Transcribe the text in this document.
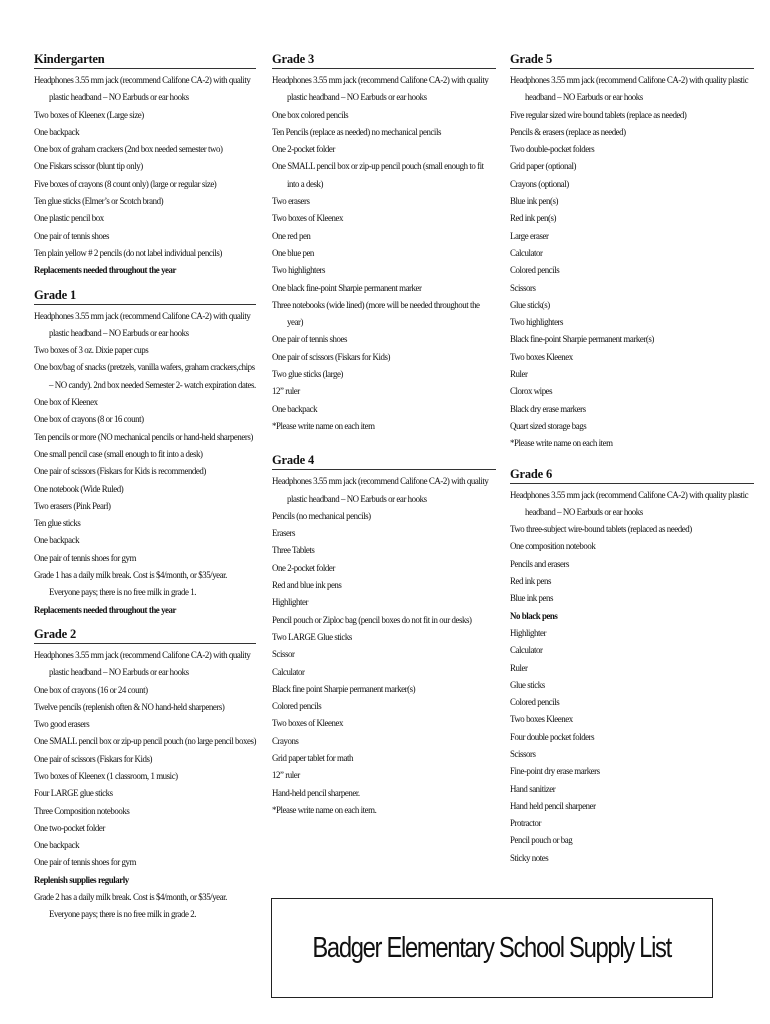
Kindergarten
Headphones 3.55 mm jack (recommend Califone CA-2) with quality plastic headband – NO Earbuds or ear hooks
Two boxes of Kleenex (Large size)
One backpack
One box of graham crackers (2nd box needed semester two)
One Fiskars scissor (blunt tip only)
Five boxes of crayons (8 count only) (large or regular size)
Ten glue sticks (Elmer’s or Scotch brand)
One plastic pencil box
One pair of tennis shoes
Ten plain yellow # 2 pencils (do not label individual pencils)
Replacements needed throughout the year
Grade 1
Headphones 3.55 mm jack (recommend Califone CA-2) with quality plastic headband – NO Earbuds or ear hooks
Two boxes of 3 oz. Dixie paper cups
One box/bag of snacks (pretzels, vanilla wafers, graham crackers,chips – NO candy). 2nd box needed Semester 2- watch expiration dates.
One box of Kleenex
One box of crayons (8 or 16 count)
Ten pencils or more (NO mechanical pencils or hand-held sharpeners)
One small pencil case (small enough to fit into a desk)
One pair of scissors (Fiskars for Kids is recommended)
One notebook (Wide Ruled)
Two erasers (Pink Pearl)
Ten glue sticks
One backpack
One pair of tennis shoes for gym
Grade 1 has a daily milk break. Cost is $4/month, or $35/year. Everyone pays; there is no free milk in grade 1.
Replacements needed throughout the year
Grade 2
Headphones 3.55 mm jack (recommend Califone CA-2) with quality plastic headband – NO Earbuds or ear hooks
One box of crayons (16 or 24 count)
Twelve pencils (replenish often & NO hand-held sharpeners)
Two good erasers
One SMALL pencil box or zip-up pencil pouch (no large pencil boxes)
One pair of scissors (Fiskars for Kids)
Two boxes of Kleenex (1 classroom, 1 music)
Four LARGE glue sticks
Three Composition notebooks
One two-pocket folder
One backpack
One pair of tennis shoes for gym
Replenish supplies regularly
Grade 2 has a daily milk break. Cost is $4/month, or $35/year. Everyone pays; there is no free milk in grade 2.
Grade 3
Headphones 3.55 mm jack (recommend Califone CA-2) with quality plastic headband – NO Earbuds or ear hooks
One box colored pencils
Ten Pencils (replace as needed) no mechanical pencils
One 2-pocket folder
One SMALL pencil box or zip-up pencil pouch (small enough to fit into a desk)
Two erasers
Two boxes of Kleenex
One red pen
One blue pen
Two highlighters
One black fine-point Sharpie permanent marker
Three notebooks (wide lined) (more will be needed throughout the year)
One pair of tennis shoes
One pair of scissors (Fiskars for Kids)
Two glue sticks (large)
12” ruler
One backpack
*Please write name on each item
Grade 4
Headphones 3.55 mm jack (recommend Califone CA-2) with quality plastic headband – NO Earbuds or ear hooks
Pencils (no mechanical pencils)
Erasers
Three Tablets
One 2-pocket folder
Red and blue ink pens
Highlighter
Pencil pouch or Ziploc bag (pencil boxes do not fit in our desks)
Two LARGE Glue sticks
Scissor
Calculator
Black fine point Sharpie permanent marker(s)
Colored pencils
Two boxes of Kleenex
Crayons
Grid paper tablet for math
12” ruler
Hand-held pencil sharpener.
*Please write name on each item.
Grade 5
Headphones 3.55 mm jack (recommend Califone CA-2) with quality plastic headband – NO Earbuds or ear hooks
Five regular sized wire bound tablets (replace as needed)
Pencils & erasers (replace as needed)
Two double-pocket folders
Grid paper (optional)
Crayons (optional)
Blue ink pen(s)
Red ink pen(s)
Large eraser
Calculator
Colored pencils
Scissors
Glue stick(s)
Two highlighters
Black fine-point Sharpie permanent marker(s)
Two boxes Kleenex
Ruler
Clorox wipes
Black dry erase markers
Quart sized storage bags
*Please write name on each item
Grade 6
Headphones 3.55 mm jack (recommend Califone CA-2) with quality plastic headband – NO Earbuds or ear hooks
Two three-subject wire-bound tablets (replaced as needed)
One composition notebook
Pencils and erasers
Red ink pens
Blue ink pens
No black pens
Highlighter
Calculator
Ruler
Glue sticks
Colored pencils
Two boxes Kleenex
Four double pocket folders
Scissors
Fine-point dry erase markers
Hand sanitizer
Hand held pencil sharpener
Protractor
Pencil pouch or bag
Sticky notes
Badger Elementary School Supply List
